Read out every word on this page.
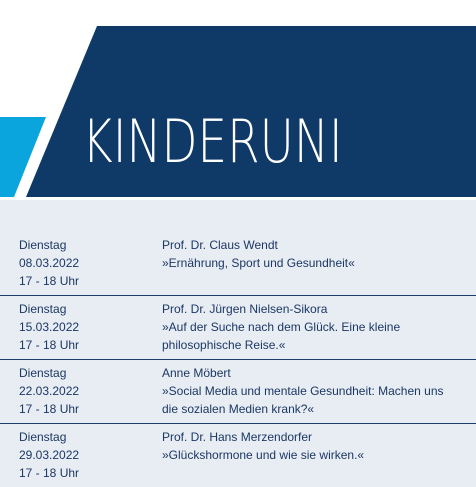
KINDERUNI
Dienstag
08.03.2022
17 - 18 Uhr
Prof. Dr. Claus Wendt
»Ernährung, Sport und Gesundheit«
Dienstag
15.03.2022
17 - 18 Uhr
Prof. Dr. Jürgen Nielsen-Sikora
»Auf der Suche nach dem Glück. Eine kleine philosophische Reise.«
Dienstag
22.03.2022
17 - 18 Uhr
Anne Möbert
»Social Media und mentale Gesundheit: Machen uns die sozialen Medien krank?«
Dienstag
29.03.2022
17 - 18 Uhr
Prof. Dr. Hans Merzendorfer
»Glückshormone und wie sie wirken.«
